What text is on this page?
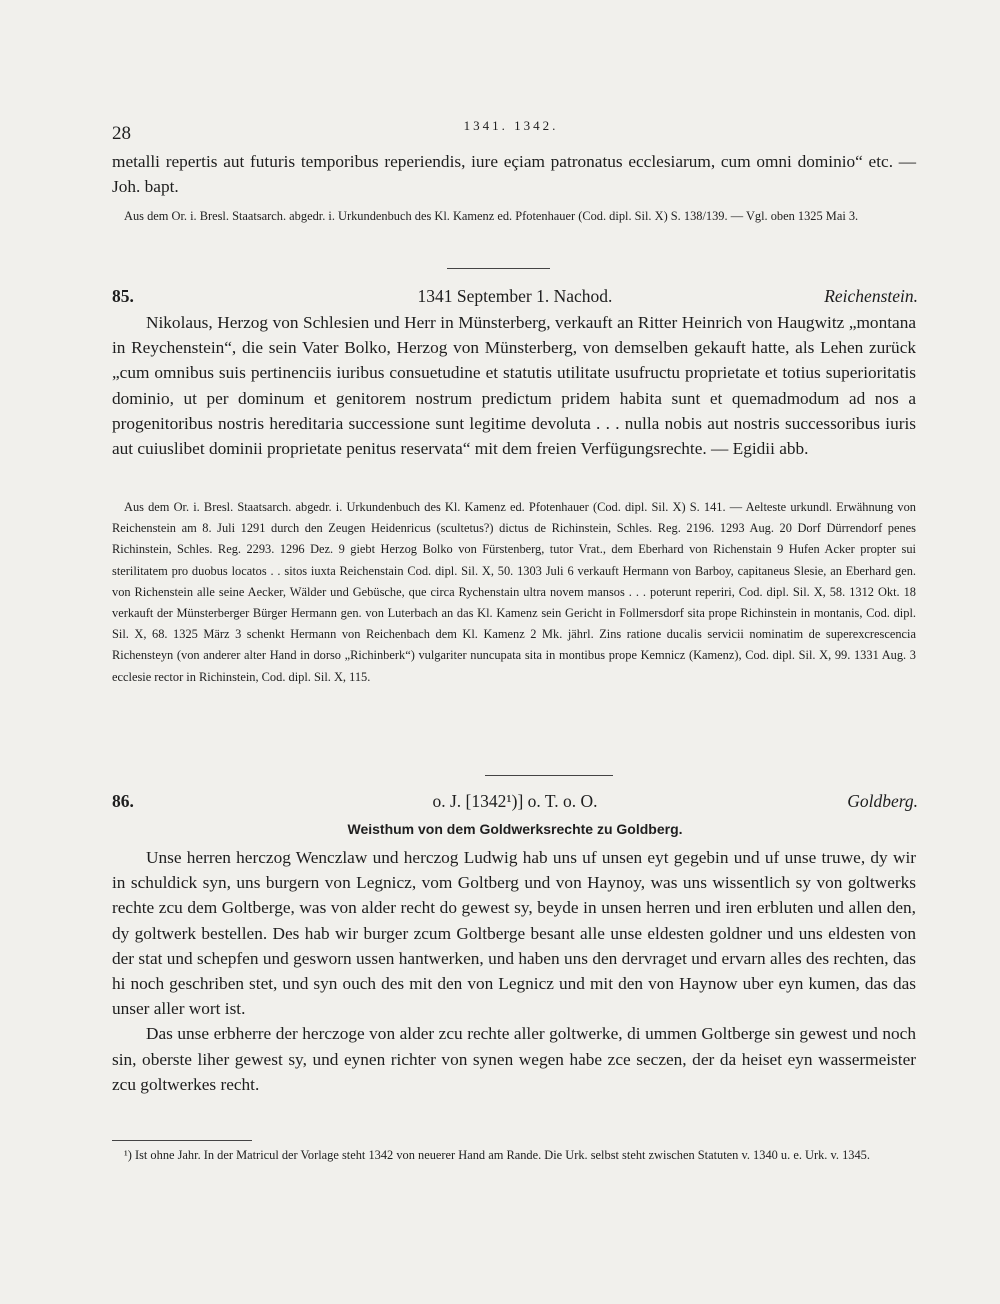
28	1341. 1342.

metalli repertis aut futuris temporibus reperiendis, iure eçiam patronatus ecclesiarum, cum omni dominio“ etc. — Joh. bapt.

Aus dem Or. i. Bresl. Staatsarch. abgedr. i. Urkundenbuch des Kl. Kamenz ed. Pfotenhauer (Cod. dipl. Sil. X) S. 138/139. — Vgl. oben 1325 Mai 3.

85.	1341 September 1. Nachod.	Reichenstein.

Nikolaus, Herzog von Schlesien und Herr in Münsterberg, verkauft an Ritter Heinrich von Haugwitz „montana in Reychenstein“, die sein Vater Bolko, Herzog von Münsterberg, von demselben gekauft hatte, als Lehen zurück „cum omnibus suis pertinenciis iuribus consuetudine et statutis utilitate usufructu proprietate et totius superioritatis dominio, ut per dominum et genitorem nostrum predictum pridem habita sunt et quemadmodum ad nos a progenitoribus nostris hereditaria successione sunt legitime devoluta . . . nulla nobis aut nostris successoribus iuris aut cuiuslibet dominii proprietate penitus reservata“ mit dem freien Verfügungsrechte. — Egidii abb.

Aus dem Or. i. Bresl. Staatsarch. abgedr. i. Urkundenbuch des Kl. Kamenz ed. Pfotenhauer (Cod. dipl. Sil. X) S. 141. — Aelteste urkundl. Erwähnung von Reichenstein am 8. Juli 1291 durch den Zeugen Heidenricus (scultetus?) dictus de Richinstein, Schles. Reg. 2196. 1293 Aug. 20 Dorf Dürrendorf penes Richinstein, Schles. Reg. 2293. 1296 Dez. 9 giebt Herzog Bolko von Fürstenberg, tutor Vrat., dem Eberhard von Richenstain 9 Hufen Acker propter sui sterilitatem pro duobus locatos . . sitos iuxta Reichenstain Cod. dipl. Sil. X, 50. 1303 Juli 6 verkauft Hermann von Barboy, capitaneus Slesie, an Eberhard gen. von Richenstein alle seine Aecker, Wälder und Gebüsche, que circa Rychenstain ultra novem mansos . . . poterunt reperiri, Cod. dipl. Sil. X, 58. 1312 Okt. 18 verkauft der Münsterberger Bürger Hermann gen. von Luterbach an das Kl. Kamenz sein Gericht in Follmersdorf sita prope Richinstein in montanis, Cod. dipl. Sil. X, 68. 1325 März 3 schenkt Hermann von Reichenbach dem Kl. Kamenz 2 Mk. jährl. Zins ratione ducalis servicii nominatim de superexcrescencia Richensteyn (von anderer alter Hand in dorso „Richinberk“) vulgariter nuncupata sita in montibus prope Kemnicz (Kamenz), Cod. dipl. Sil. X, 99. 1331 Aug. 3 ecclesie rector in Richinstein, Cod. dipl. Sil. X, 115.

86.	o. J. [1342¹)] o. T. o. O.	Goldberg.
Weisthum von dem Goldwerksrechte zu Goldberg.

Unse herren herczog Wenczlaw und herczog Ludwig hab uns uf unsen eyt gegebin und uf unse truwe, dy wir in schuldick syn, uns burgern von Legnicz, vom Goltberg und von Haynoy, was uns wissentlich sy von goltwerks rechte zcu dem Goltberge, was von alder recht do gewest sy, beyde in unsen herren und iren erbluten und allen den, dy goltwerk bestellen. Des hab wir burger zcum Goltberge besant alle unse eldesten goldner und uns eldesten von der stat und schepfen und gesworn ussen hantwerken, und haben uns den dervraget und ervarn alles des rechten, das hi noch geschriben stet, und syn ouch des mit den von Legnicz und mit den von Haynow uber eyn kumen, das das unser aller wort ist.

Das unse erbherre der herczoge von alder zcu rechte aller goltwerke, di ummen Goltberge sin gewest und noch sin, oberste liher gewest sy, und eynen richter von synen wegen habe zce seczen, der da heiset eyn wassermeister zcu goltwerkes recht.

¹) Ist ohne Jahr. In der Matricul der Vorlage steht 1342 von neuerer Hand am Rande. Die Urk. selbst steht zwischen Statuten v. 1340 u. e. Urk. v. 1345.
